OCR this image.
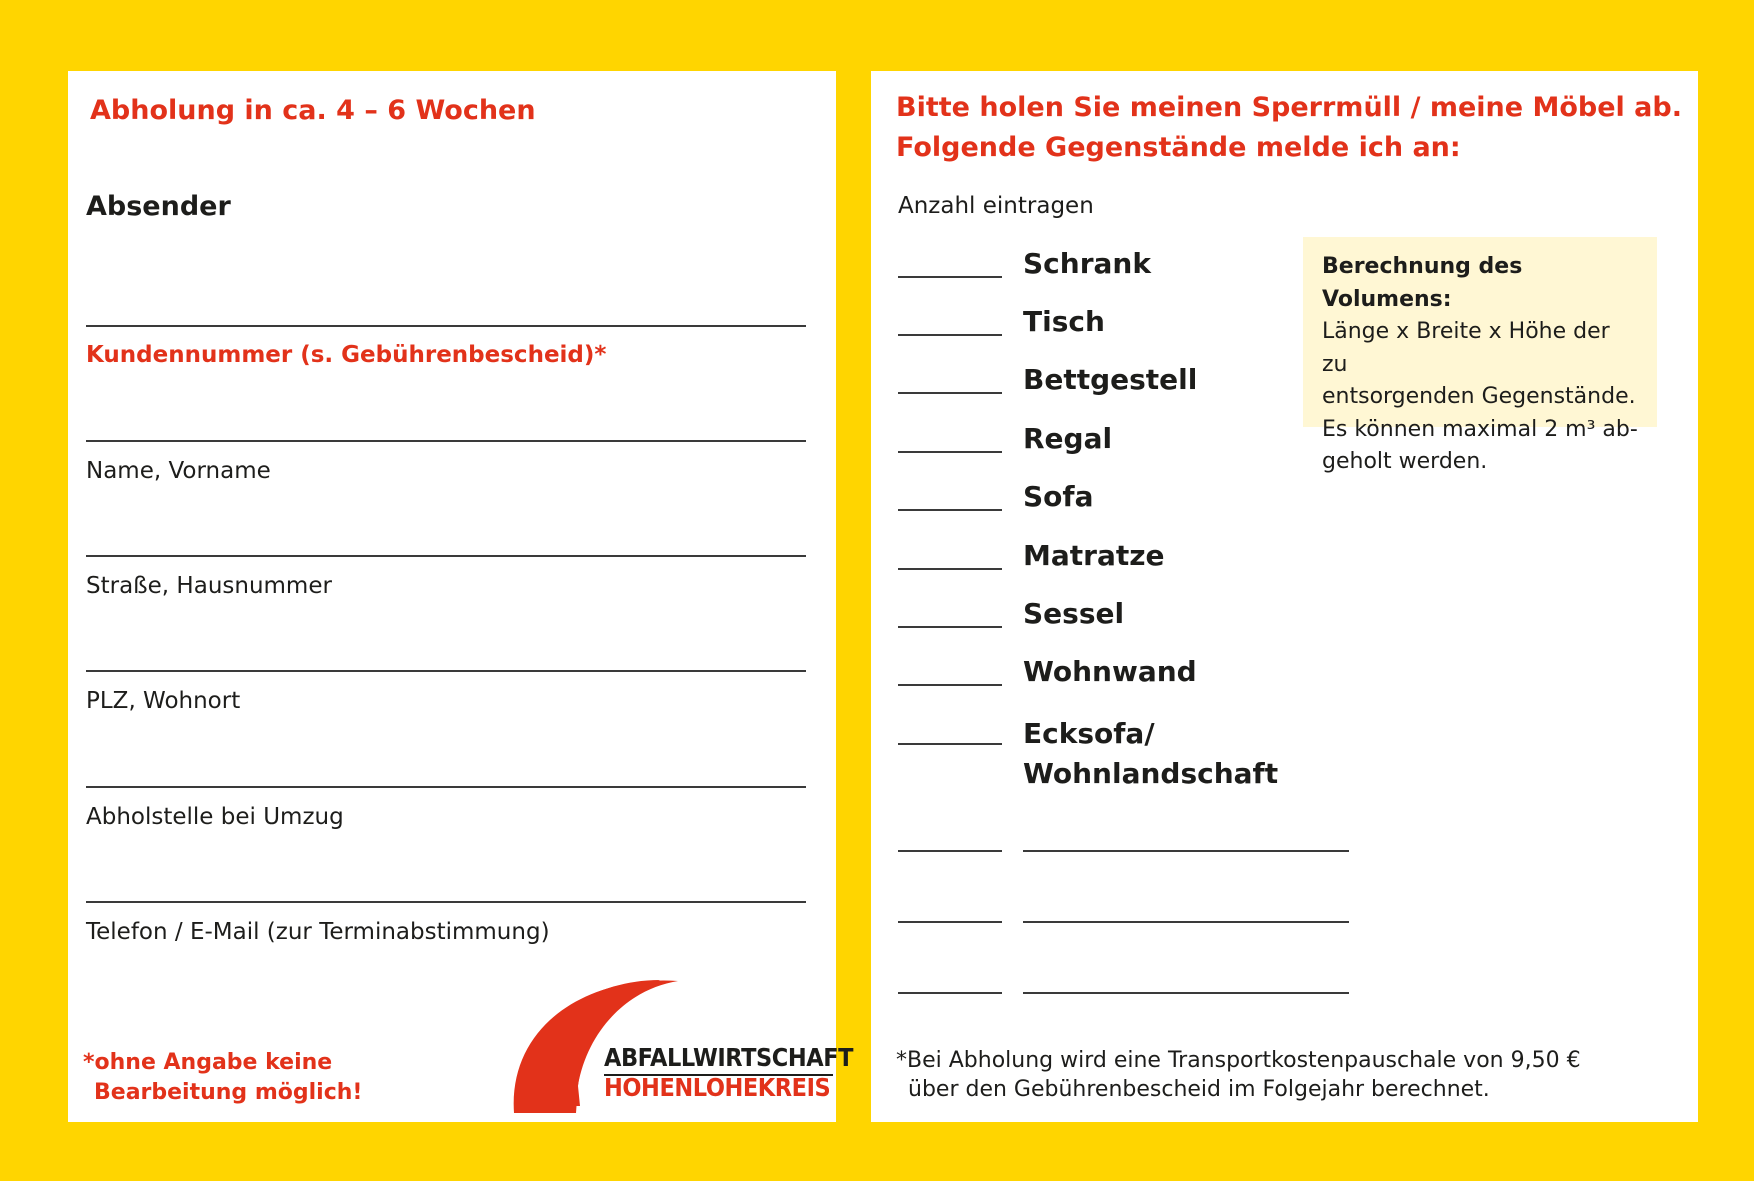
Abholung in ca. 4 – 6 Wochen
Absender
Kundennummer (s. Gebührenbescheid)*
Name, Vorname
Straße, Hausnummer
PLZ, Wohnort
Abholstelle bei Umzug
Telefon / E-Mail (zur Terminabstimmung)
*ohne Angabe keine
Bearbeitung möglich!
ABFALLWIRTSCHAFT
HOHENLOHEKREIS
Bitte holen Sie meinen Sperrmüll / meine Möbel ab.
Folgende Gegenstände melde ich an:
Anzahl eintragen
Schrank
Tisch
Bettgestell
Regal
Sofa
Matratze
Sessel
Wohnwand
Ecksofa/
Wohnlandschaft
Berechnung des Volumens:
Länge x Breite x Höhe der zu
entsorgenden Gegenstände.
Es können maximal 2 m³ ab-
geholt werden.
*Bei Abholung wird eine Transportkostenpauschale von 9,50 €
über den Gebührenbescheid im Folgejahr berechnet.
